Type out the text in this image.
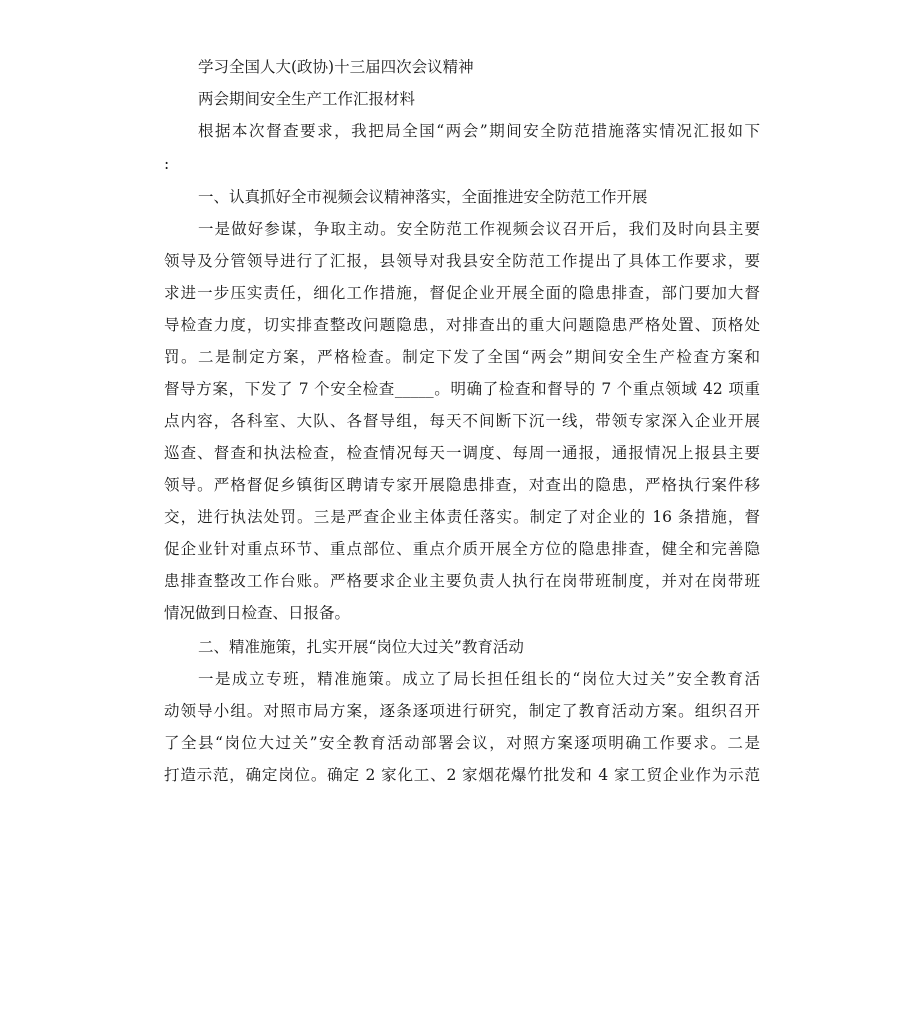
学习全国人大(政协)十三届四次会议精神
两会期间安全生产工作汇报材料
根据本次督查要求，我把局全国“两会”期间安全防范措施落实情况汇报如下
:
一、认真抓好全市视频会议精神落实，全面推进安全防范工作开展
一是做好参谋，争取主动。安全防范工作视频会议召开后，我们及时向县主要
领导及分管领导进行了汇报，县领导对我县安全防范工作提出了具体工作要求，要
求进一步压实责任，细化工作措施，督促企业开展全面的隐患排查，部门要加大督
导检查力度，切实排查整改问题隐患，对排查出的重大问题隐患严格处置、顶格处
罚。二是制定方案，严格检查。制定下发了全国“两会”期间安全生产检查方案和
督导方案，下发了 7 个安全检查_____。明确了检查和督导的 7 个重点领域 42 项重
点内容，各科室、大队、各督导组，每天不间断下沉一线，带领专家深入企业开展
巡查、督查和执法检查，检查情况每天一调度、每周一通报，通报情况上报县主要
领导。严格督促乡镇街区聘请专家开展隐患排查，对查出的隐患，严格执行案件移
交，进行执法处罚。三是严查企业主体责任落实。制定了对企业的 16 条措施，督
促企业针对重点环节、重点部位、重点介质开展全方位的隐患排查，健全和完善隐
患排查整改工作台账。严格要求企业主要负责人执行在岗带班制度，并对在岗带班
情况做到日检查、日报备。
二、精准施策，扎实开展“岗位大过关”教育活动
一是成立专班，精准施策。成立了局长担任组长的“岗位大过关”安全教育活
动领导小组。对照市局方案，逐条逐项进行研究，制定了教育活动方案。组织召开
了全县“岗位大过关”安全教育活动部署会议，对照方案逐项明确工作要求。二是
打造示范，确定岗位。确定 2 家化工、2 家烟花爆竹批发和 4 家工贸企业作为示范
